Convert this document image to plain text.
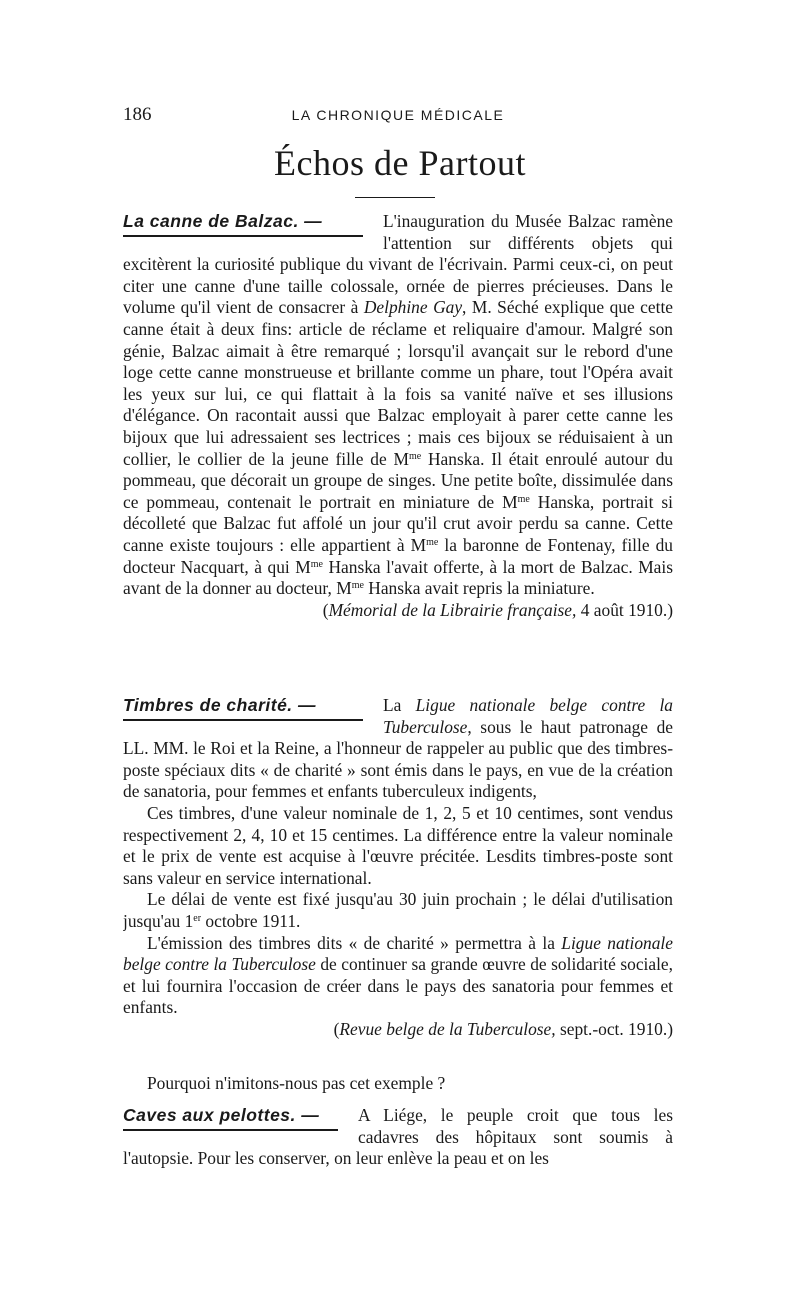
186	LA CHRONIQUE MÉDICALE
Échos de Partout
La canne de Balzac. —	L'inauguration du Musée Balzac ramène l'attention sur différents objets qui excitèrent la curiosité publique du vivant de l'écrivain. Parmi ceux-ci, on peut citer une canne d'une taille colossale, ornée de pierres précieuses. Dans le volume qu'il vient de consacrer à Delphine Gay, M. Séché explique que cette canne était à deux fins: article de réclame et reliquaire d'amour. Malgré son génie, Balzac aimait à être remarqué ; lorsqu'il avançait sur le rebord d'une loge cette canne monstrueuse et brillante comme un phare, tout l'Opéra avait les yeux sur lui, ce qui flattait à la fois sa vanité naïve et ses illusions d'élégance. On racontait aussi que Balzac employait à parer cette canne les bijoux que lui adressaient ses lectrices ; mais ces bijoux se réduisaient à un collier, le collier de la jeune fille de $M^{me}$ Hanska. Il était enroulé autour du pommeau, que décorait un groupe de singes. Une petite boîte, dissimulée dans ce pommeau, contenait le portrait en miniature de $M^{me}$ Hanska, portrait si décolleté que Balzac fut affolé un jour qu'il crut avoir perdu sa canne. Cette canne existe toujours : elle appartient à $M^{me}$ la baronne de Fontenay, fille du docteur Nacquart, à qui $M^{me}$ Hanska l'avait offerte, à la mort de Balzac. Mais avant de la donner au docteur, $M^{me}$ Hanska avait repris la miniature.

(Mémorial de la Librairie française, 4 août 1910.)

Timbres de charité. —	La Ligue nationale belge contre la Tuberculose, sous le haut patronage de LL. MM. le Roi et la Reine, a l'honneur de rappeler au public que des timbres-poste spéciaux dits « de charité » sont émis dans le pays, en vue de la création de sanatoria, pour femmes et enfants tuberculeux indigents,

Ces timbres, d'une valeur nominale de 1, 2, 5 et 10 centimes, sont vendus respectivement 2, 4, 10 et 15 centimes. La différence entre la valeur nominale et le prix de vente est acquise à l'œuvre précitée. Lesdits timbres-poste sont sans valeur en service international.

Le délai de vente est fixé jusqu'au 30 juin prochain ; le délai d'utilisation jusqu'au 1er octobre 1911.

L'émission des timbres dits « de charité » permettra à la Ligue nationale belge contre la Tuberculose de continuer sa grande œuvre de solidarité sociale, et lui fournira l'occasion de créer dans le pays des sanatoria pour femmes et enfants.

(Revue belge de la Tuberculose, sept.-oct. 1910.)

Pourquoi n'imitons-nous pas cet exemple ?

Caves aux pelottes. —	A Liége, le peuple croit que tous les cadavres des hôpitaux sont soumis à l'autopsie. Pour les conserver, on leur enlève la peau et on les
